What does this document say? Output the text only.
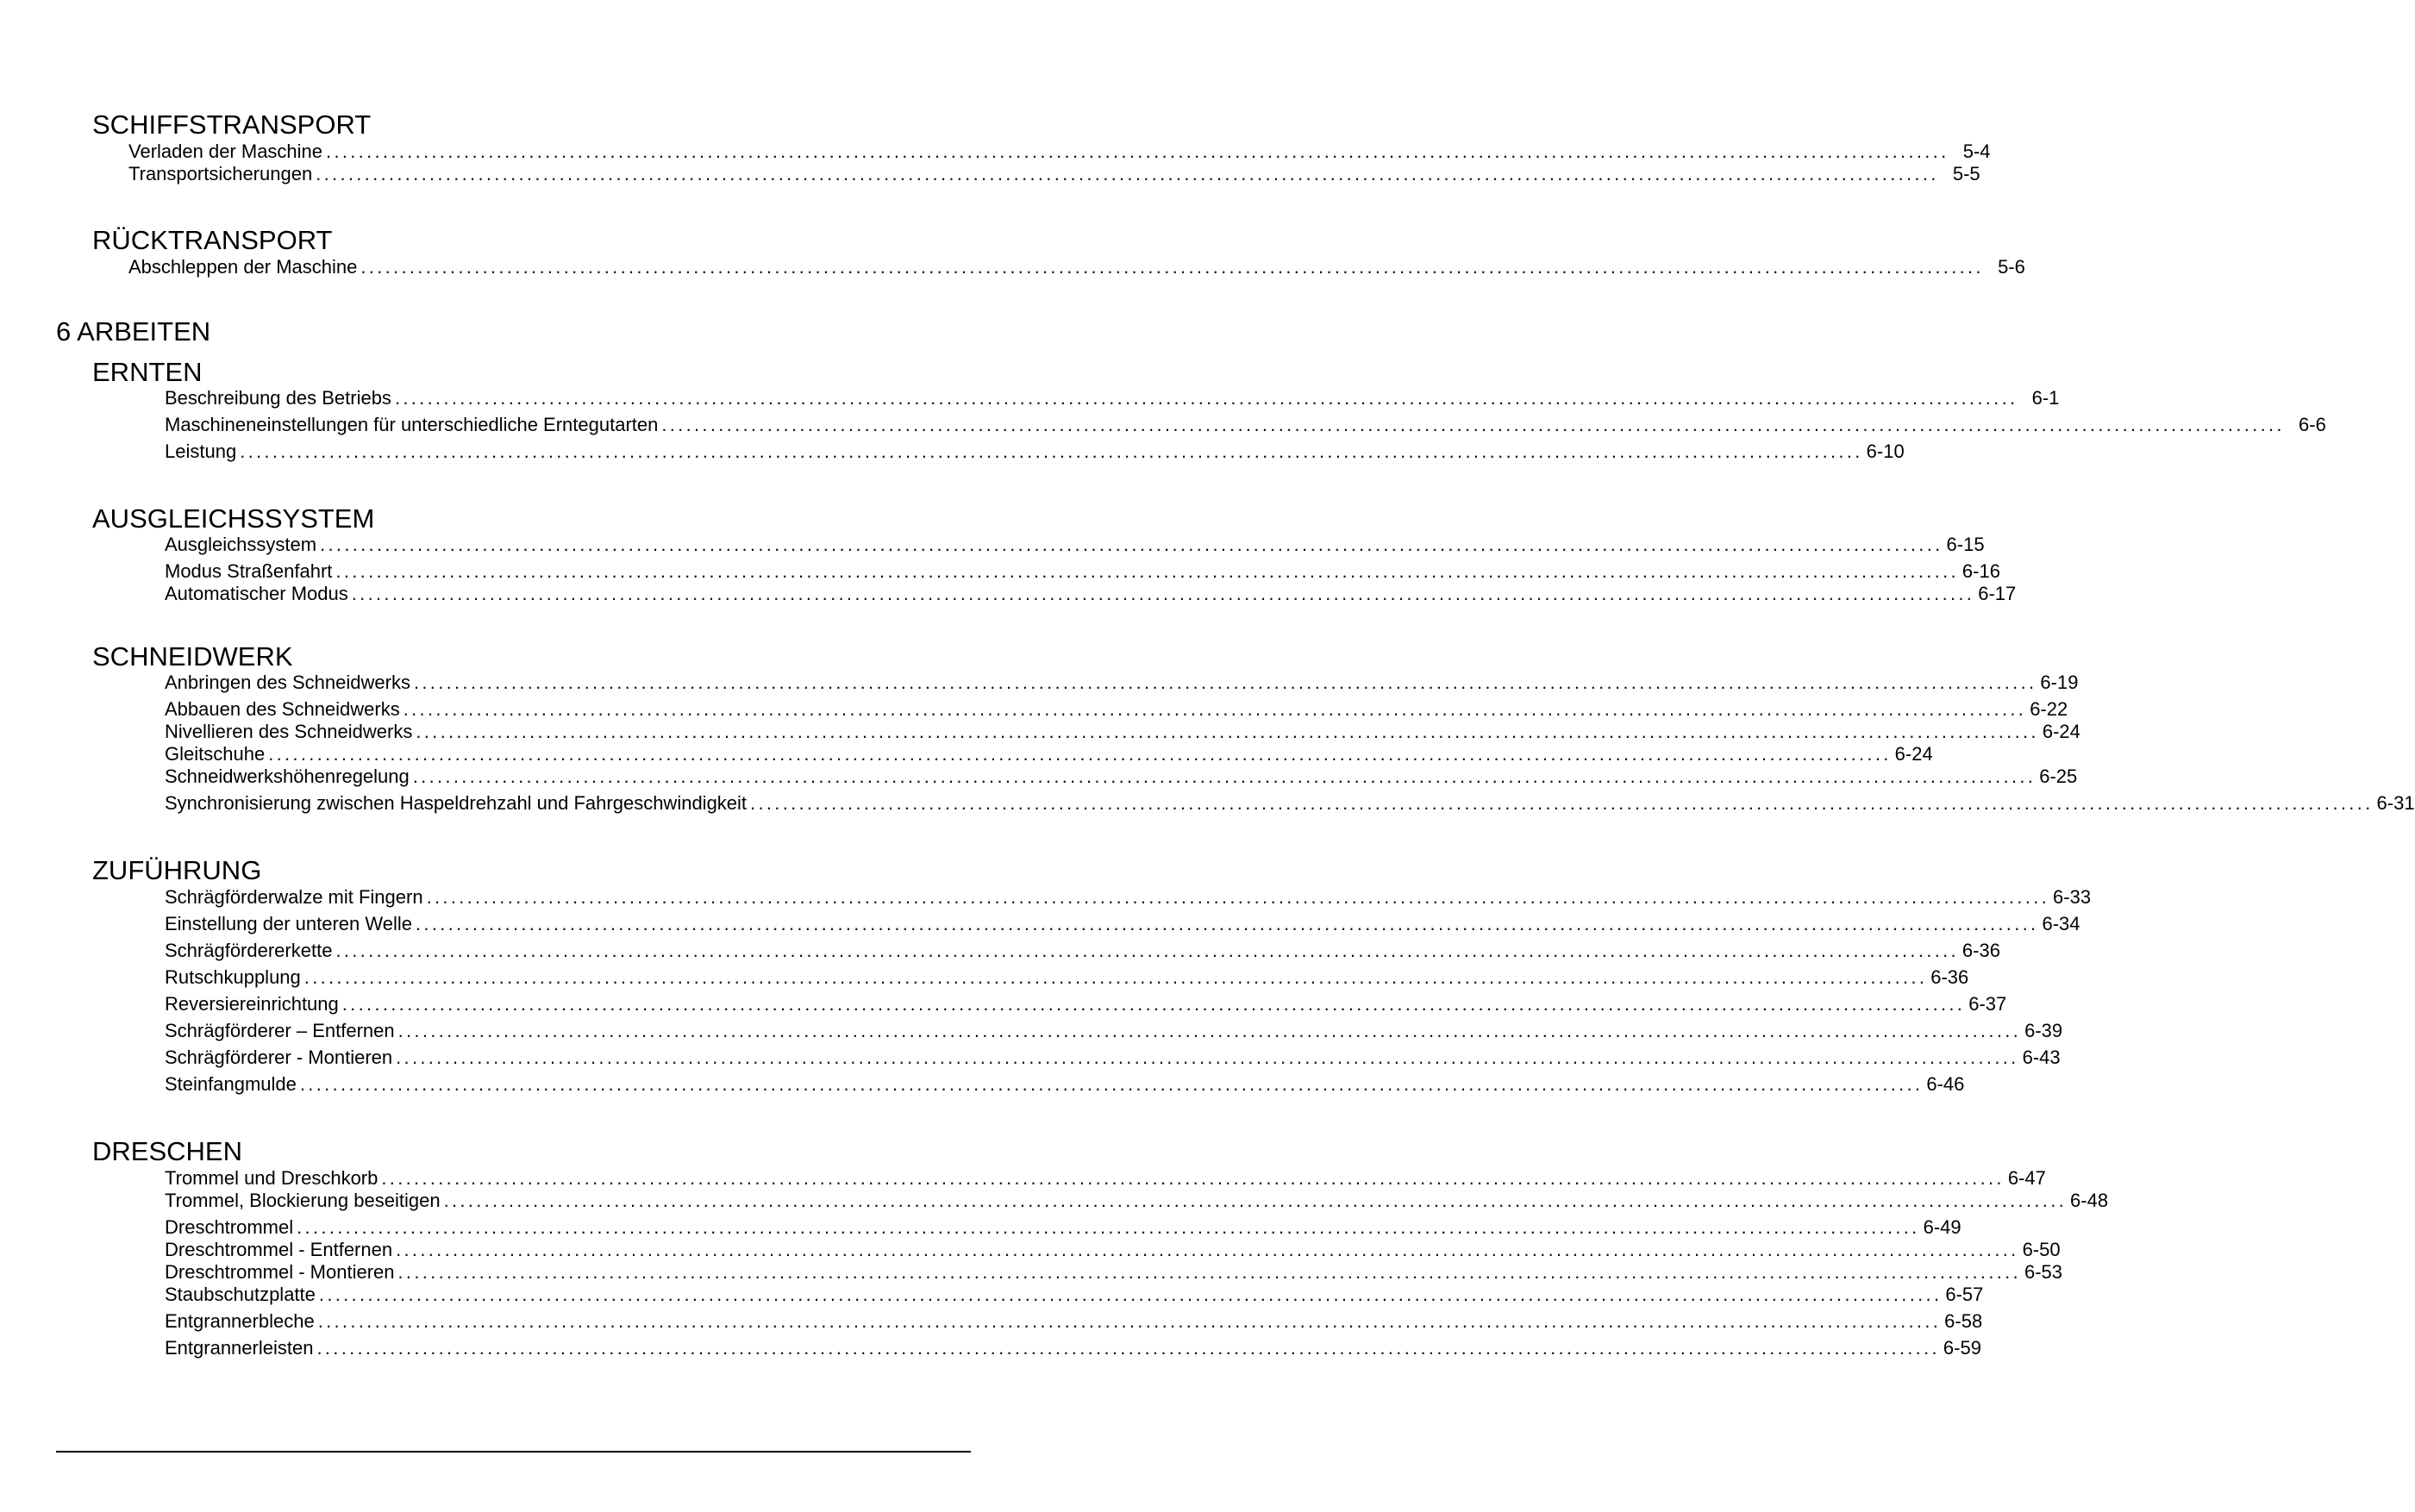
SCHIFFSTRANSPORT
Verladen der Maschine ........................................................................................................................................................................................................ 5-4
Transportsicherungen ........................................................................................................................................................................................................ 5-5
RÜCKTRANSPORT
Abschleppen der Maschine ........................................................................................................................................................................................................ 5-6
6 ARBEITEN
ERNTEN
Beschreibung des Betriebs ........................................................................................................................................................................................................ 6-1
Maschineneinstellungen für unterschiedliche Erntegutarten ........................................................................................................................................................................................................ 6-6
Leistung ........................................................................................................................................................................................................ 6-10
AUSGLEICHSSYSTEM
Ausgleichssystem ........................................................................................................................................................................................................ 6-15
Modus Straßenfahrt ........................................................................................................................................................................................................ 6-16
Automatischer Modus ........................................................................................................................................................................................................ 6-17
SCHNEIDWERK
Anbringen des Schneidwerks ........................................................................................................................................................................................................ 6-19
Abbauen des Schneidwerks ........................................................................................................................................................................................................ 6-22
Nivellieren des Schneidwerks ........................................................................................................................................................................................................ 6-24
Gleitschuhe ........................................................................................................................................................................................................ 6-24
Schneidwerkshöhenregelung ........................................................................................................................................................................................................ 6-25
Synchronisierung zwischen Haspeldrehzahl und Fahrgeschwindigkeit ........................................................................................................................................................................................................ 6-31
ZUFÜHRUNG
Schrägförderwalze mit Fingern ........................................................................................................................................................................................................ 6-33
Einstellung der unteren Welle ........................................................................................................................................................................................................ 6-34
Schrägfördererkette ........................................................................................................................................................................................................ 6-36
Rutschkupplung ........................................................................................................................................................................................................ 6-36
Reversiereinrichtung ........................................................................................................................................................................................................ 6-37
Schrägförderer – Entfernen ........................................................................................................................................................................................................ 6-39
Schrägförderer - Montieren ........................................................................................................................................................................................................ 6-43
Steinfangmulde ........................................................................................................................................................................................................ 6-46
DRESCHEN
Trommel und Dreschkorb ........................................................................................................................................................................................................ 6-47
Trommel, Blockierung beseitigen ........................................................................................................................................................................................................ 6-48
Dreschtrommel ........................................................................................................................................................................................................ 6-49
Dreschtrommel - Entfernen ........................................................................................................................................................................................................ 6-50
Dreschtrommel - Montieren ........................................................................................................................................................................................................ 6-53
Staubschutzplatte ........................................................................................................................................................................................................ 6-57
Entgrannerbleche ........................................................................................................................................................................................................ 6-58
Entgrannerleisten ........................................................................................................................................................................................................ 6-59
